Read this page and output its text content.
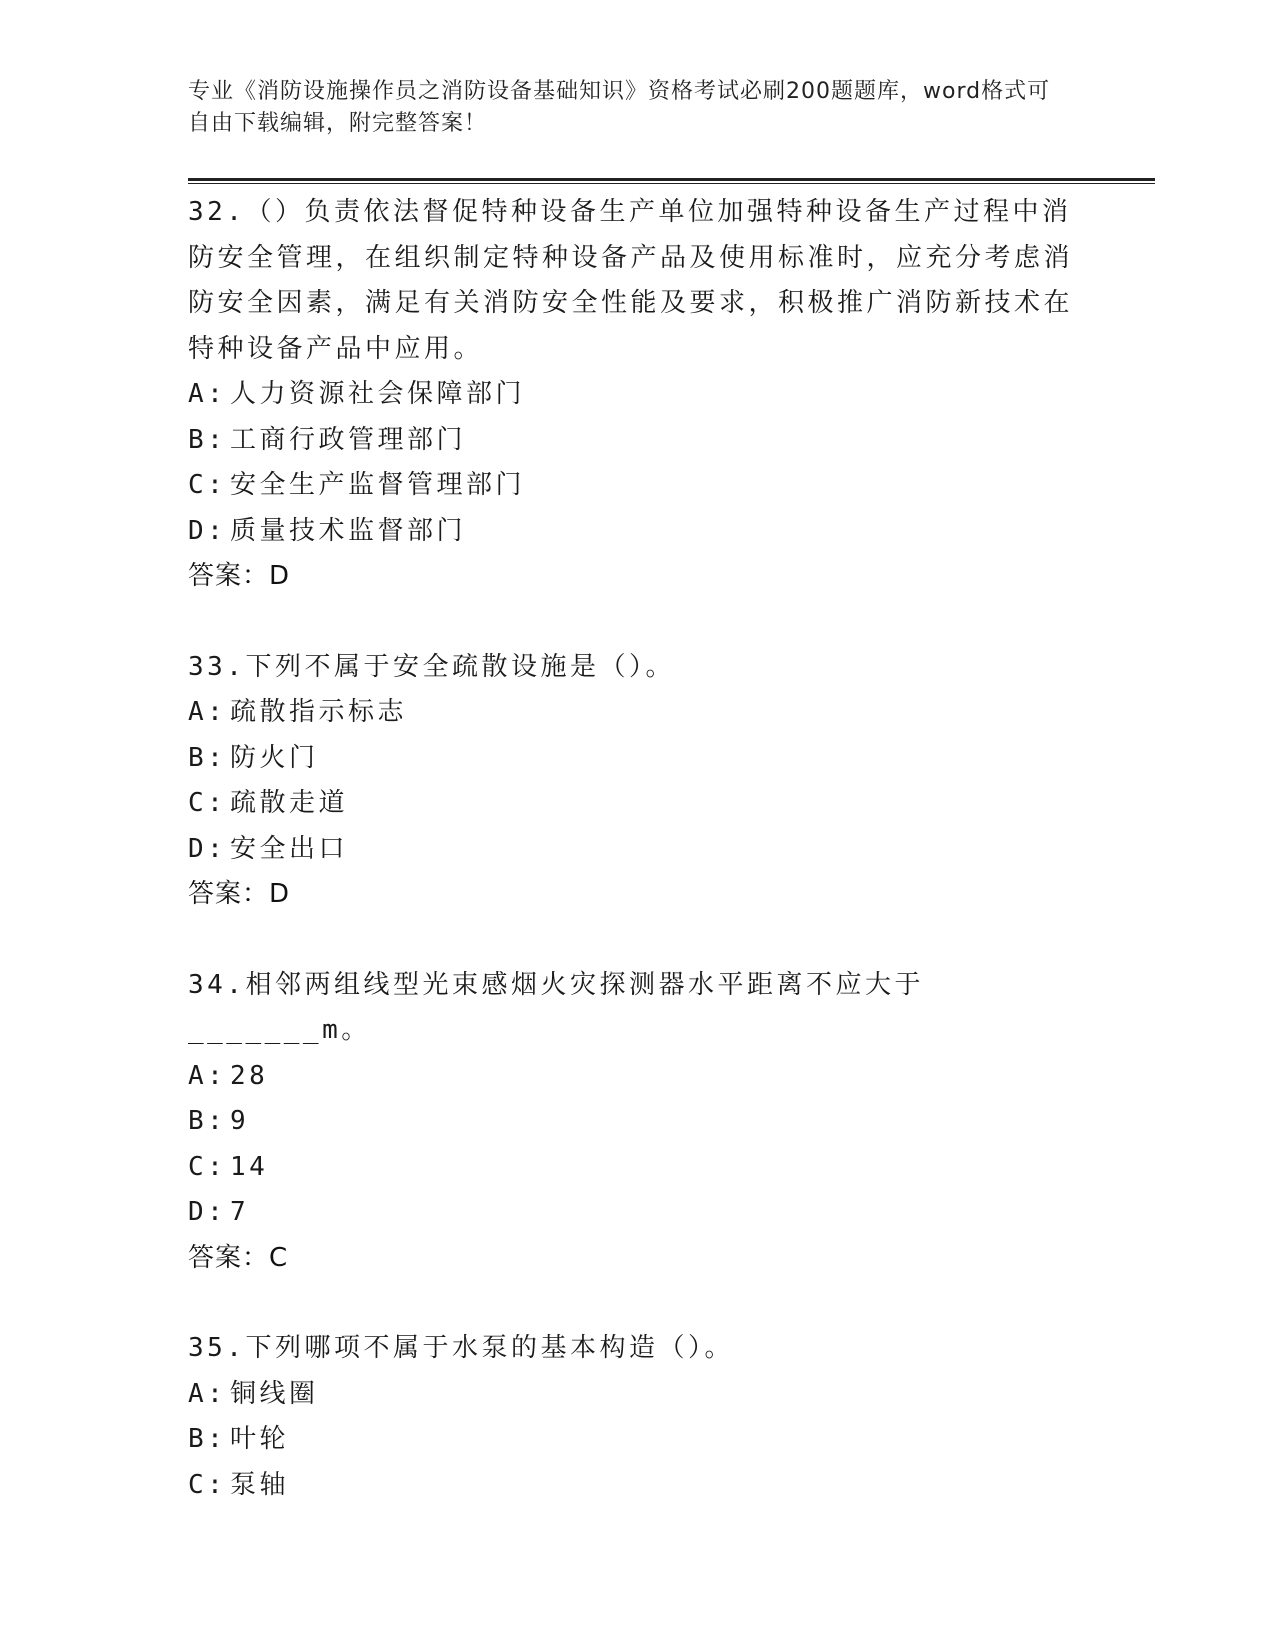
专业《消防设施操作员之消防设备基础知识》资格考试必刷200题题库，word格式可自由下载编辑，附完整答案！

32.（）负责依法督促特种设备生产单位加强特种设备生产过程中消防安全管理，在组织制定特种设备产品及使用标准时，应充分考虑消防安全因素，满足有关消防安全性能及要求，积极推广消防新技术在特种设备产品中应用。

A: 人力资源社会保障部门

B: 工商行政管理部门

C: 安全生产监督管理部门

D: 质量技术监督部门

答案：D

33.下列不属于安全疏散设施是（）。

A: 疏散指示标志

B: 防火门

C: 疏散走道

D: 安全出口

答案：D

34.相邻两组线型光束感烟火灾探测器水平距离不应大于_______m。

A: 28

B: 9

C: 14

D: 7

答案：C

35.下列哪项不属于水泵的基本构造（）。

A: 铜线圈

B: 叶轮

C: 泵轴
